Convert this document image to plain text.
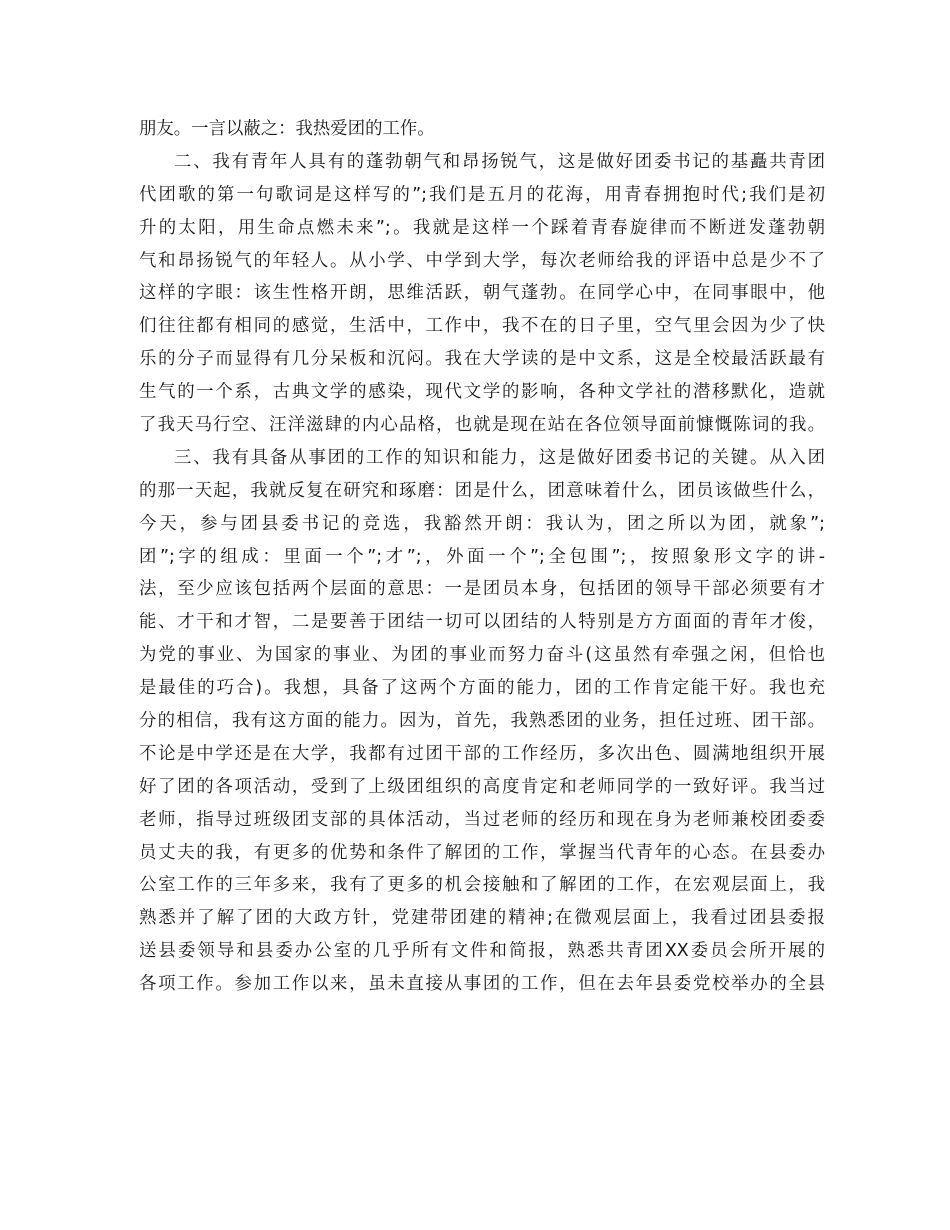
朋友。一言以蔽之：我热爱团的工作。
二、我有青年人具有的蓬勃朝气和昂扬锐气，这是做好团委书记的基矗共青团
代团歌的第一句歌词是这样写的”;我们是五月的花海，用青春拥抱时代;我们是初
升的太阳，用生命点燃未来”;。我就是这样一个踩着青春旋律而不断迸发蓬勃朝
气和昂扬锐气的年轻人。从小学、中学到大学，每次老师给我的评语中总是少不了
这样的字眼：该生性格开朗，思维活跃，朝气蓬勃。在同学心中，在同事眼中，他
们往往都有相同的感觉，生活中，工作中，我不在的日子里，空气里会因为少了快
乐的分子而显得有几分呆板和沉闷。我在大学读的是中文系，这是全校最活跃最有
生气的一个系，古典文学的感染，现代文学的影响，各种文学社的潜移默化，造就
了我天马行空、汪洋滋肆的内心品格，也就是现在站在各位领导面前慷慨陈词的我。
三、我有具备从事团的工作的知识和能力，这是做好团委书记的关键。从入团
的那一天起，我就反复在研究和琢磨：团是什么，团意味着什么，团员该做些什么，
今天，参与团县委书记的竞选，我豁然开朗：我认为，团之所以为团，就象”;
团”;字的组成：里面一个”;才”;，外面一个”;全包围”;，按照象形文字的讲-
法，至少应该包括两个层面的意思：一是团员本身，包括团的领导干部必须要有才
能、才干和才智，二是要善于团结一切可以团结的人特别是方方面面的青年才俊，
为党的事业、为国家的事业、为团的事业而努力奋斗(这虽然有牵强之闲，但恰也
是最佳的巧合)。我想，具备了这两个方面的能力，团的工作肯定能干好。我也充
分的相信，我有这方面的能力。因为，首先，我熟悉团的业务，担任过班、团干部。
不论是中学还是在大学，我都有过团干部的工作经历，多次出色、圆满地组织开展
好了团的各项活动，受到了上级团组织的高度肯定和老师同学的一致好评。我当过
老师，指导过班级团支部的具体活动，当过老师的经历和现在身为老师兼校团委委
员丈夫的我，有更多的优势和条件了解团的工作，掌握当代青年的心态。在县委办
公室工作的三年多来，我有了更多的机会接触和了解团的工作，在宏观层面上，我
熟悉并了解了团的大政方针，党建带团建的精神;在微观层面上，我看过团县委报
送县委领导和县委办公室的几乎所有文件和简报，熟悉共青团XX委员会所开展的
各项工作。参加工作以来，虽未直接从事团的工作，但在去年县委党校举办的全县
